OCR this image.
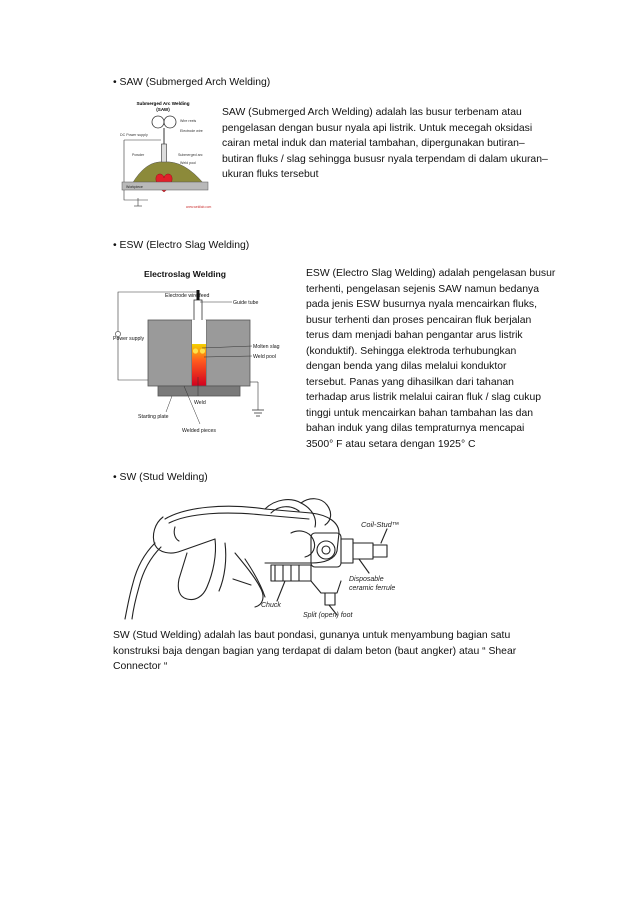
• SAW (Submerged Arch Welding)
Submerged Arc Welding
(SAW)
Wire reels
Electrode wire
DC Power supply
Powder	Submerged arc
Weld pool
Workpiece
www.weldlab.com
SAW (Submerged Arch Welding) adalah las busur terbenam atau
pengelasan dengan busur nyala api listrik. Untuk mecegah oksidasi
cairan metal induk dan material tambahan, dipergunakan butiran–
butiran fluks / slag sehingga bususr nyala terpendam di dalam ukuran–
ukuran fluks tersebut
• ESW (Electro Slag Welding)
Electroslag Welding
Electrode wire feed
Guide tube
Power supply
Molten slag
Weld pool
Weld
Starting plate
Welded pieces
ESW (Electro Slag Welding) adalah pengelasan busur
terhenti, pengelasan sejenis SAW namun bedanya
pada jenis ESW busurnya nyala mencairkan fluks,
busur terhenti dan proses pencairan fluk berjalan
terus dam menjadi bahan pengantar arus listrik
(konduktif). Sehingga elektroda terhubungkan
dengan benda yang dilas melalui konduktor
tersebut. Panas yang dihasilkan dari tahanan
terhadap arus listrik melalui cairan fluk / slag cukup
tinggi untuk mencairkan bahan tambahan las dan
bahan induk yang dilas tempraturnya mencapai
3500° F atau setara dengan 1925° C
• SW (Stud Welding)
Coil-Stud™
Disposable
ceramic ferrule
Chuck
Split (open) foot
SW (Stud Welding) adalah las baut pondasi, gunanya untuk menyambung bagian satu
konstruksi baja dengan bagian yang terdapat di dalam beton (baut angker) atau “ Shear
Connector “
